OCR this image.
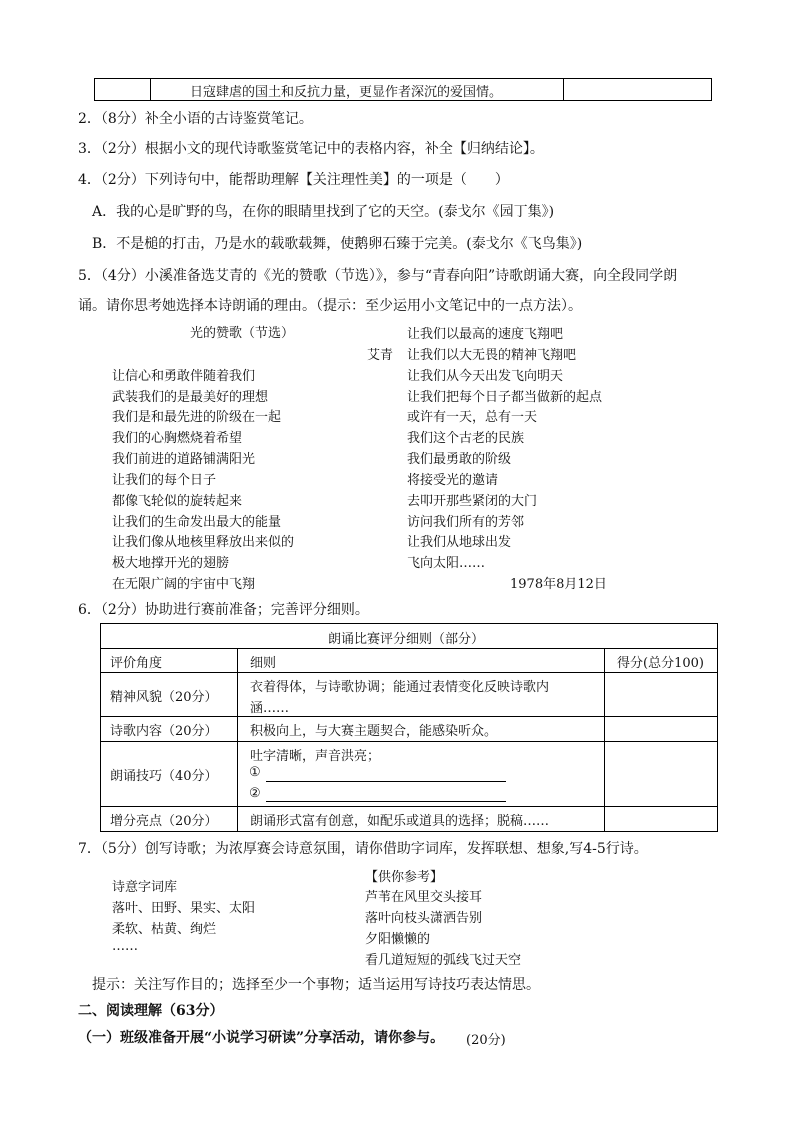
日寇肆虐的国土和反抗力量，更显作者深沉的爱国情。
2．（8分）补全小语的古诗鉴赏笔记。
3．（2分）根据小文的现代诗歌鉴赏笔记中的表格内容，补全【归纳结论】。
4．（2分）下列诗句中，能帮助理解【关注理性美】的一项是（　　）
A．我的心是旷野的鸟，在你的眼睛里找到了它的天空。(泰戈尔《园丁集》)
B．不是槌的打击，乃是水的载歌载舞，使鹅卵石臻于完美。(泰戈尔《飞鸟集》)
5．（4分）小溪准备选艾青的《光的赞歌（节选）》，参与“青春向阳”诗歌朗诵大赛，向全段同学朗
诵。请你思考她选择本诗朗诵的理由。（提示：至少运用小文笔记中的一点方法）。
光的赞歌（节选）
艾青
让信心和勇敢伴随着我们
武装我们的是最美好的理想
我们是和最先进的阶级在一起
我们的心胸燃烧着希望
我们前进的道路铺满阳光
让我们的每个日子
都像飞轮似的旋转起来
让我们的生命发出最大的能量
让我们像从地核里释放出来似的
极大地撑开光的翅膀
在无限广阔的宇宙中飞翔
让我们以最高的速度飞翔吧
让我们以大无畏的精神飞翔吧
让我们从今天出发飞向明天
让我们把每个日子都当做新的起点
或许有一天，总有一天
我们这个古老的民族
我们最勇敢的阶级
将接受光的邀请
去叩开那些紧闭的大门
访问我们所有的芳邻
让我们从地球出发
飞向太阳……
1978年8月12日
6．（2分）协助进行赛前准备；完善评分细则。
朗诵比赛评分细则（部分）
评价角度	细则	得分(总分100)
精神风貌（20分）
衣着得体，与诗歌协调；能通过表情变化反映诗歌内
涵……
诗歌内容（20分） 积极向上，与大赛主题契合，能感染听众。
朗诵技巧（40分）
吐字清晰，声音洪亮；
①
②
增分亮点（20分） 朗诵形式富有创意，如配乐或道具的选择；脱稿……
7．（5分）创写诗歌；为浓厚赛会诗意氛围，请你借助字词库，发挥联想、想象,写4-5行诗。
诗意字词库
落叶、田野、果实、太阳
柔软、枯黄、绚烂
……
【供你参考】
芦苇在风里交头接耳
落叶向枝头潇洒告别
夕阳懒懒的
看几道短短的弧线飞过天空
提示：关注写作目的；选择至少一个事物；适当运用写诗技巧表达情思。
二、阅读理解（63分）
（一）班级准备开展“小说学习研读”分享活动，请你参与。 (20分)
